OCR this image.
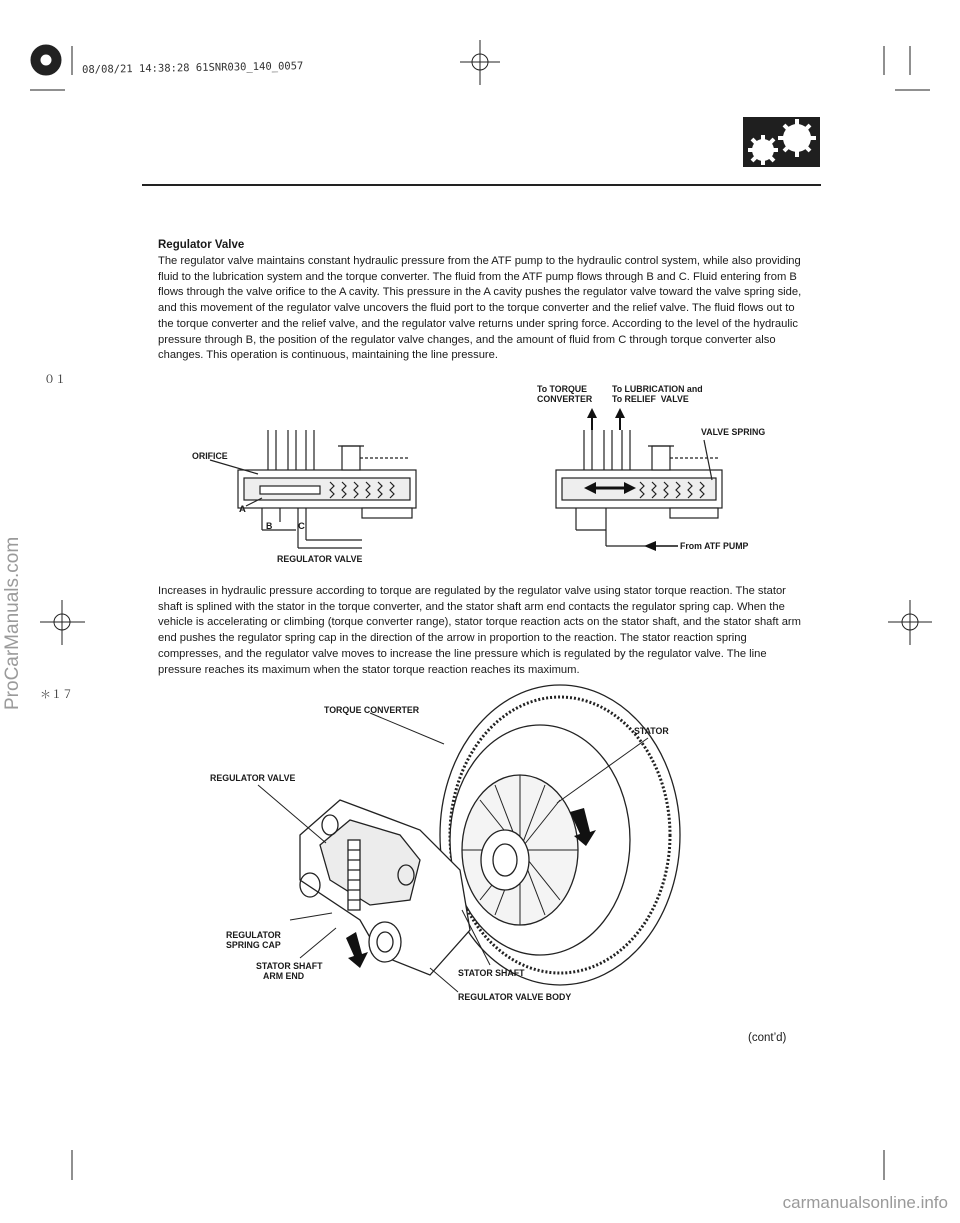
08/08/21 14:38:28 61SNR030_140_0057
Regulator Valve

The regulator valve maintains constant hydraulic pressure from the ATF pump to the hydraulic control system, while also providing fluid to the lubrication system and the torque converter. The fluid from the ATF pump flows through B and C. Fluid entering from B flows through the valve orifice to the A cavity. This pressure in the A cavity pushes the regulator valve toward the valve spring side, and this movement of the regulator valve uncovers the fluid port to the torque converter and the relief valve. The fluid flows out to the torque converter and the relief valve, and the regulator valve returns under spring force. According to the level of the hydraulic pressure through B, the position of the regulator valve changes, and the amount of fluid from C through torque converter also changes. This operation is continuous, maintaining the line pressure.

Increases in hydraulic pressure according to torque are regulated by the regulator valve using stator torque reaction. The stator shaft is splined with the stator in the torque converter, and the stator shaft arm end contacts the regulator spring cap. When the vehicle is accelerating or climbing (torque converter range), stator torque reaction acts on the stator shaft, and the stator shaft arm end pushes the regulator spring cap in the direction of the arrow in proportion to the reaction. The stator reaction spring compresses, and the regulator valve moves to increase the line pressure which is regulated by the regulator valve. The line pressure reaches its maximum when the stator torque reaction reaches its maximum.

ORIFICE
A
B	C
REGULATOR VALVE
To TORQUE
CONVERTER
To LUBRICATION and
To RELIEF  VALVE
VALVE SPRING
From ATF PUMP
TORQUE CONVERTER
STATOR
REGULATOR VALVE
REGULATOR
SPRING CAP
STATOR SHAFT
ARM END	STATOR SHAFT
REGULATOR VALVE BODY
(cont’d)
０１
＊１７
ProCarManuals.com
carmanualsonline.info
